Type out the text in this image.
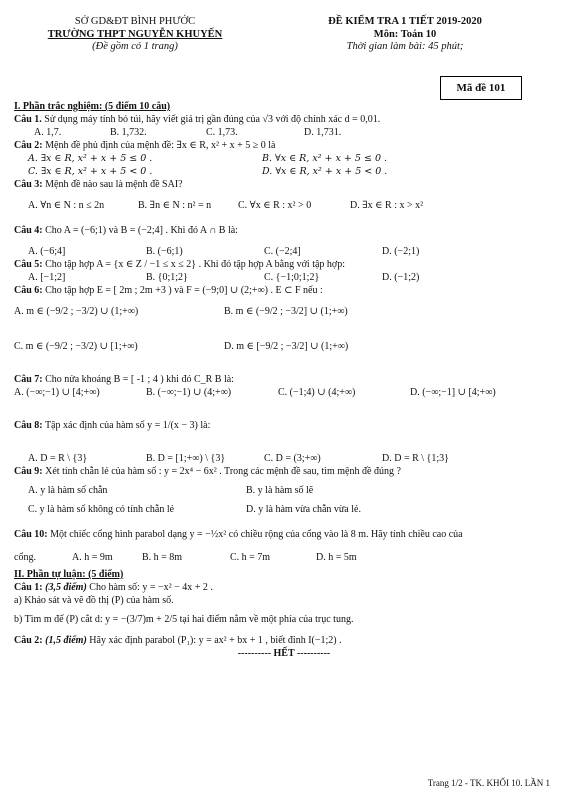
SỞ GD&ĐT BÌNH PHƯỚC
TRƯỜNG THPT NGUYỄN KHUYẾN
(Đề gồm có 1 trang)
ĐỀ KIỂM TRA 1 TIẾT 2019-2020
Môn: Toán 10
Thời gian làm bài: 45 phút;
Mã đề 101
I. Phần trắc nghiệm: (5 điểm 10 câu)
Câu 1. Sử dụng máy tính bỏ túi, hãy viết giá trị gần đúng của √3 với độ chính xác d = 0,01.
A. 1,7.	B. 1,732.	C. 1,73.	D. 1,731.
Câu 2: Mệnh đề phủ định của mệnh đề: ∃x ∈ R, x² + x + 5 ≥ 0 là
A. ∃x ∈ R, x² + x + 5 ≤ 0 .	B. ∀x ∈ R, x² + x + 5 ≤ 0 .
C. ∃x ∈ R, x² + x + 5 < 0 .	D. ∀x ∈ R, x² + x + 5 < 0 .
Câu 3: Mệnh đề nào sau là mệnh đề SAI?
A. ∀n ∈ N : n ≤ 2n	B. ∃n ∈ N : n² = n	C. ∀x ∈ R : x² > 0	D. ∃x ∈ R : x > x²
Câu 4: Cho A = (−6;1) và B = (−2;4] . Khi đó A ∩ B là:
A. (−6;4]	B. (−6;1)	C. (−2;4]	D. (−2;1)
Câu 5: Cho tập hợp A = {x ∈ Z / −1 ≤ x ≤ 2} . Khi đó tập hợp A bằng với tập hợp:
A. [−1;2]	B. {0;1;2}	C. {−1;0;1;2}	D. (−1;2)
Câu 6: Cho tập hợp E = [ 2m ; 2m +3 ) và F = (−9;0] ∪ (2;+∞) . E ⊂ F nếu :
A. m ∈ (−9/2 ; −3/2) ∪ (1;+∞)	B. m ∈ (−9/2 ; −3/2] ∪ (1;+∞)
C. m ∈ (−9/2 ; −3/2) ∪ [1;+∞)	D. m ∈ [−9/2 ; −3/2] ∪ (1;+∞)
Câu 7: Cho nửa khoảng B = [ -1 ; 4 ) khi đó C_R B là:
A. (−∞;−1) ∪ [4;+∞)	B. (−∞;−1) ∪ (4;+∞)	C. (−1;4) ∪ (4;+∞)	D. (−∞;−1] ∪ [4;+∞)
Câu 8: Tập xác định của hàm số y = 1/(x − 3) là:
A. D = R \ {3}	B. D = [1;+∞) \ {3}	C. D = (3;+∞)	D. D = R \ {1;3}
Câu 9: Xét tính chẵn lẻ của hàm số : y = 2x⁴ − 6x² . Trong các mệnh đề sau, tìm mệnh đề đúng ?
A. y là hàm số chẵn	B. y là hàm số lẽ
C. y là hàm số không có tính chẵn lẻ	D. y là hàm vừa chẵn vừa lẻ.
Câu 10: Một chiếc cổng hình parabol dạng y = −½x² có chiều rộng của cổng vào là 8 m. Hãy tính chiều cao của
cổng.	A. h = 9m	B. h = 8m	C. h = 7m	D. h = 5m
II. Phần tự luận: (5 điểm)
Câu 1: (3,5 điểm) Cho hàm số: y = −x² − 4x + 2 .
a) Khảo sát và vẽ đồ thị (P) của hàm số.
b) Tìm m để (P) cắt d: y = −(3/7)m + 2/5 tại hai điểm nằm về một phía của trục tung.
Câu 2: (1,5 điểm) Hãy xác định parabol (P₁): y = ax² + bx + 1 , biết đỉnh I(−1;2) .
---------- HẾT ----------
Trang 1/2 - TK. KHỐI 10. LẦN 1
